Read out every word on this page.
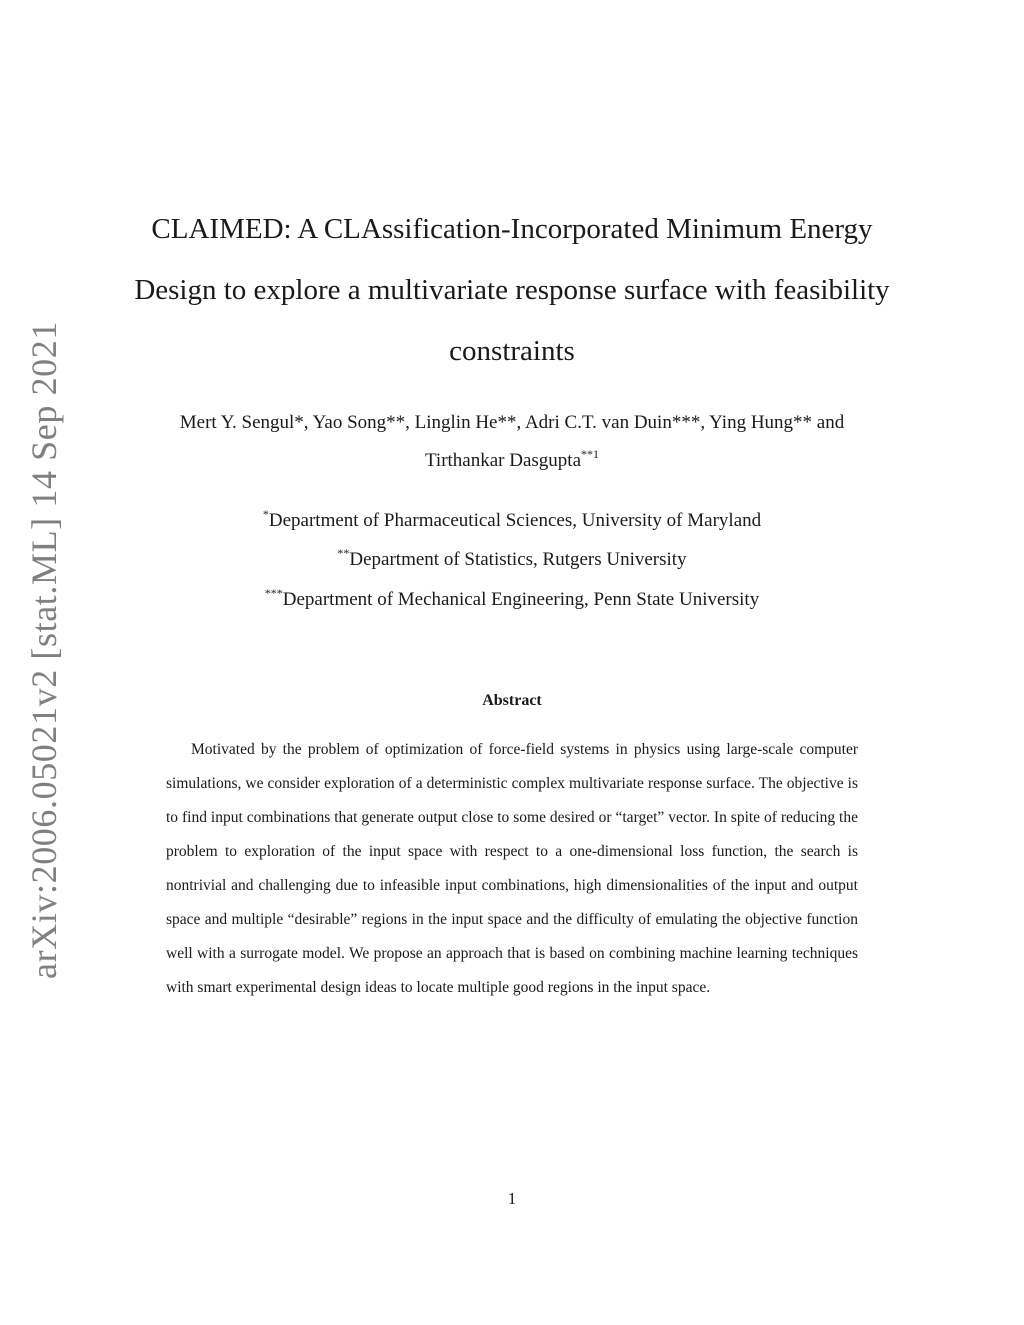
arXiv:2006.05021v2 [stat.ML] 14 Sep 2021
CLAIMED: A CLAssification-Incorporated Minimum Energy Design to explore a multivariate response surface with feasibility constraints
Mert Y. Sengul*, Yao Song**, Linglin He**, Adri C.T. van Duin***, Ying Hung** and
Tirthankar Dasgupta$^{**1}$
*Department of Pharmaceutical Sciences, University of Maryland
**Department of Statistics, Rutgers University
***Department of Mechanical Engineering, Penn State University
Abstract

Motivated by the problem of optimization of force-field systems in physics using large-scale computer simulations, we consider exploration of a deterministic complex multivariate response surface. The objective is to find input combinations that generate output close to some desired or “target” vector. In spite of reducing the problem to exploration of the input space with respect to a one-dimensional loss function, the search is nontrivial and challenging due to infeasible input combinations, high dimensionalities of the input and output space and multiple “desirable” regions in the input space and the difficulty of emulating the objective function well with a surrogate model. We propose an approach that is based on combining machine learning techniques with smart experimental design ideas to locate multiple good regions in the input space.

1
